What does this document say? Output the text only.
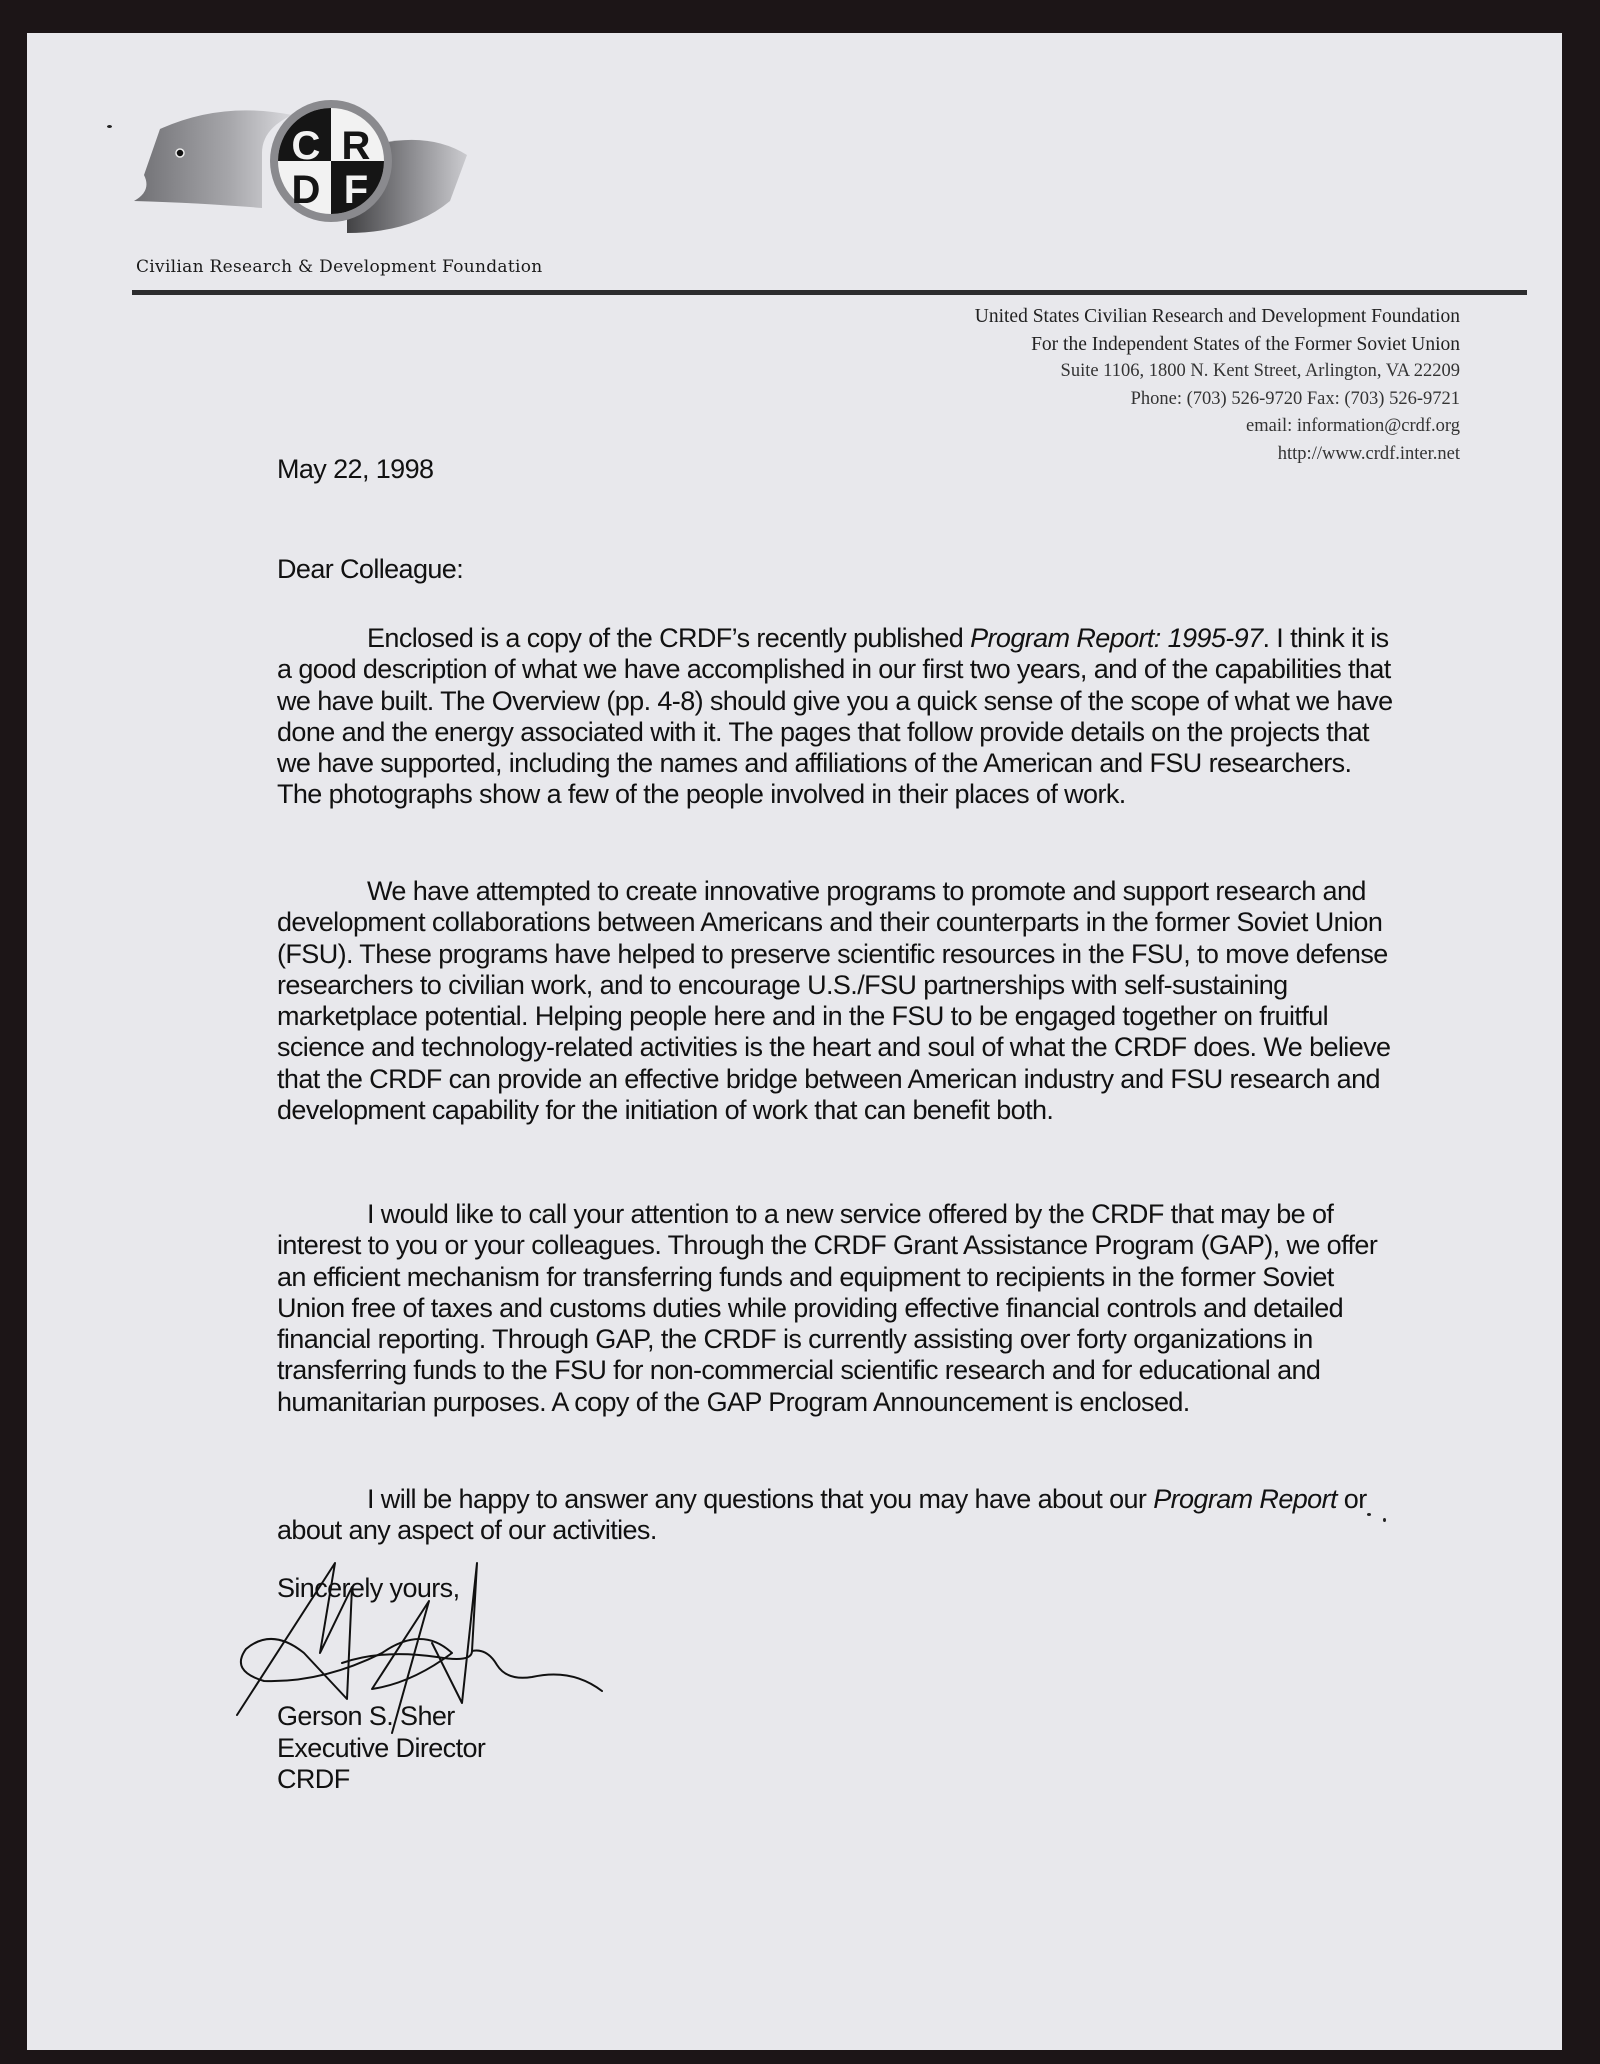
C R
D F
Civilian Research & Development Foundation
United States Civilian Research and Development Foundation
For the Independent States of the Former Soviet Union
Suite 1106, 1800 N. Kent Street, Arlington, VA 22209
Phone: (703) 526-9720 Fax: (703) 526-9721
email: information@crdf.org
http://www.crdf.inter.net
May 22, 1998
Dear Colleague:
Enclosed is a copy of the CRDF’s recently published Program Report: 1995-97. I think it is a good description of what we have accomplished in our first two years, and of the capabilities that we have built. The Overview (pp. 4-8) should give you a quick sense of the scope of what we have done and the energy associated with it. The pages that follow provide details on the projects that we have supported, including the names and affiliations of the American and FSU researchers. The photographs show a few of the people involved in their places of work.
We have attempted to create innovative programs to promote and support research and development collaborations between Americans and their counterparts in the former Soviet Union (FSU). These programs have helped to preserve scientific resources in the FSU, to move defense researchers to civilian work, and to encourage U.S./FSU partnerships with self-sustaining marketplace potential. Helping people here and in the FSU to be engaged together on fruitful science and technology-related activities is the heart and soul of what the CRDF does. We believe that the CRDF can provide an effective bridge between American industry and FSU research and development capability for the initiation of work that can benefit both.
I would like to call your attention to a new service offered by the CRDF that may be of interest to you or your colleagues. Through the CRDF Grant Assistance Program (GAP), we offer an efficient mechanism for transferring funds and equipment to recipients in the former Soviet Union free of taxes and customs duties while providing effective financial controls and detailed financial reporting. Through GAP, the CRDF is currently assisting over forty organizations in transferring funds to the FSU for non-commercial scientific research and for educational and humanitarian purposes. A copy of the GAP Program Announcement is enclosed.
I will be happy to answer any questions that you may have about our Program Report or about any aspect of our activities.
Sincerely yours,
Gerson S. Sher
Executive Director
CRDF
